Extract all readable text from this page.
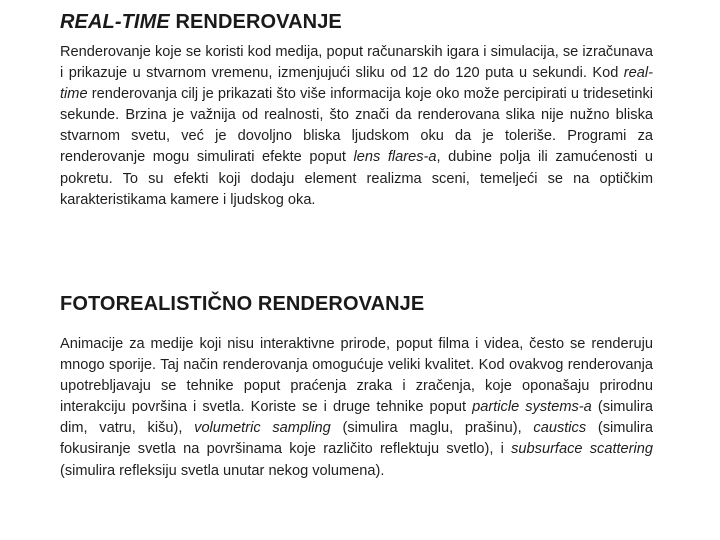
REAL-TIME RENDEROVANJE

Renderovanje koje se koristi kod medija, poput računarskih igara i simulacija, se izračunava i prikazuje u stvarnom vremenu, izmenjujući sliku od 12 do 120 puta u sekundi. Kod real-time renderovanja cilj je prikazati što više informacija koje oko može percipirati u tridesetinki sekunde. Brzina je važnija od realnosti, što znači da renderovana slika nije nužno bliska stvarnom svetu, već je dovoljno bliska ljudskom oku da je toleriše. Programi za renderovanje mogu simulirati efekte poput lens flares-a, dubine polja ili zamućenosti u pokretu. To su efekti koji dodaju element realizma sceni, temeljeći se na optičkim karakteristikama kamere i ljudskog oka.

FOTOREALISTIČNO RENDEROVANJE

Animacije za medije koji nisu interaktivne prirode, poput filma i videa, često se renderuju mnogo sporije. Taj način renderovanja omogućuje veliki kvalitet. Kod ovakvog renderovanja upotrebljavaju se tehnike poput praćenja zraka i zračenja, koje oponašaju prirodnu interakciju površina i svetla. Koriste se i druge tehnike poput particle systems-a (simulira dim, vatru, kišu), volumetric sampling (simulira maglu, prašinu), caustics (simulira fokusiranje svetla na površinama koje različito reflektuju svetlo), i subsurface scattering (simulira refleksiju svetla unutar nekog volumena).
